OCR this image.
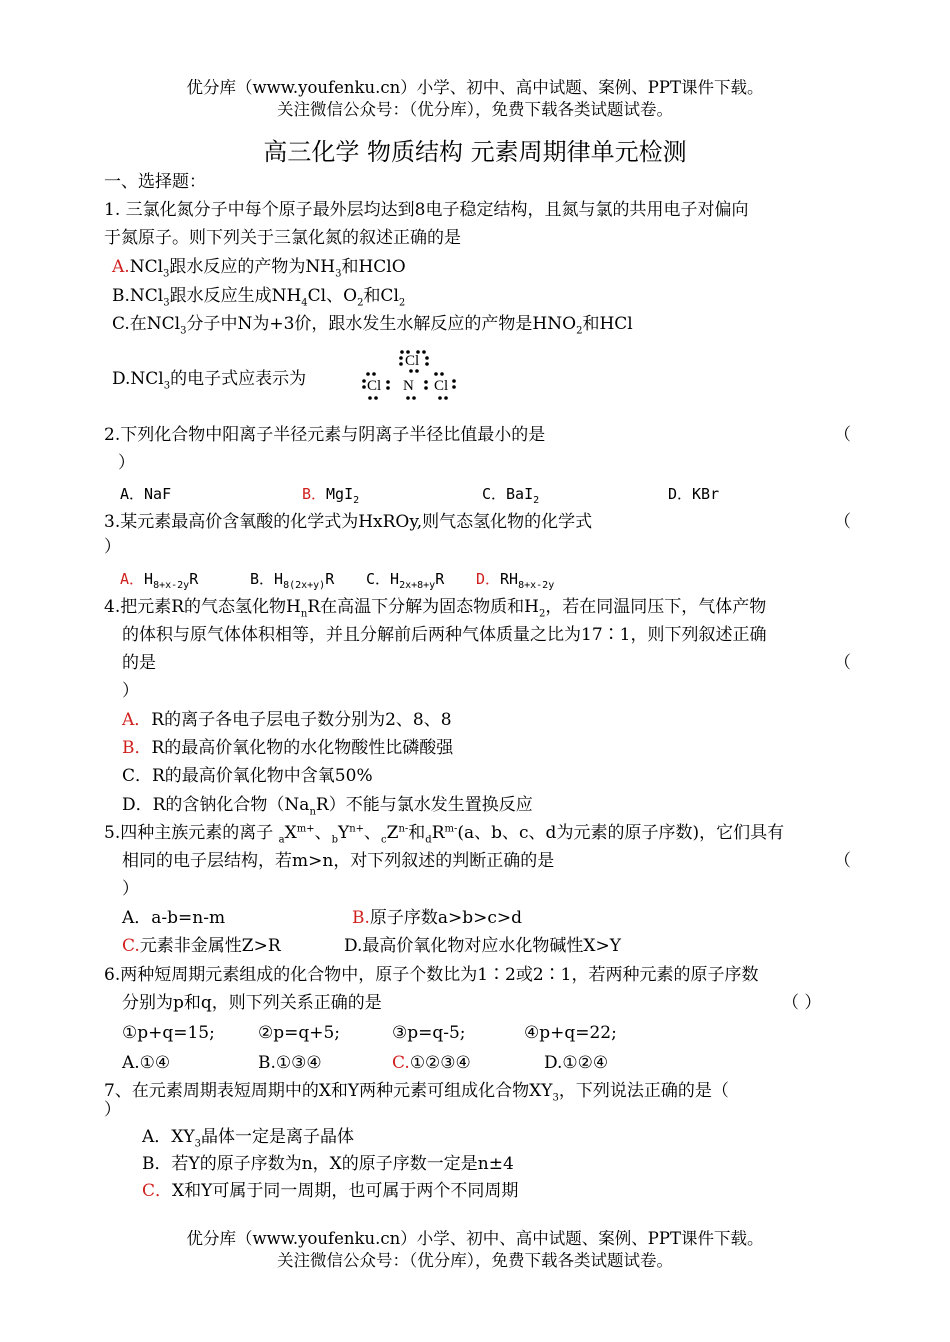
优分库（www.youfenku.cn）小学、初中、高中试题、案例、PPT课件下载。
关注微信公众号：（优分库），免费下载各类试题试卷。
高三化学 物质结构 元素周期律单元检测
一、选择题：
1. 三氯化氮分子中每个原子最外层均达到8电子稳定结构，且氮与氯的共用电子对偏向
于氮原子。则下列关于三氯化氮的叙述正确的是
A.NCl$_3$跟水反应的产物为$NH_3$和HClO
B.NCl$_3$跟水反应生成$NH_4Cl$、$O_2$和$Cl_2$
C.在NCl$_3$分子中N为+3价，跟水发生水解反应的产物是$HNO_2$和HCl
D.NCl$_3$的电子式应表示为
Cl
Cl N Cl
2.下列化合物中阳离子半径元素与阴离子半径比值最小的是	（
）
A．NaF	B．MgI$_2$	C．BaI$_2$	D．KBr
3.某元素最高价含氧酸的化学式为HxROy,则气态氢化物的化学式	（
）
A．$H_{8+x-2y}R$	B．$H_{8(2x+y)}R$ C．$H_{2x+8+y}R$ D．$RH_{8+x-2y}$
4.把元素R的气态氢化物$H_nR$在高温下分解为固态物质和$H_2$，若在同温同压下，气体产物
的体积与原气体体积相等，并且分解前后两种气体质量之比为17∶1，则下列叙述正确
的是	（
）
A．R的离子各电子层电子数分别为2、8、8
B．R的最高价氧化物的水化物酸性比磷酸强
C．R的最高价氧化物中含氧50%
D．R的含钠化合物$(Na_nR)$不能与氯水发生置换反应
5.四种主族元素的离子 $_aX^{m+}$、$_bY^{n+}$、$_cZ^{n-}$和$_dR^{m-}(a$、b、c、d为元素的原子序数)，它们具有
相同的电子层结构，若m>n，对下列叙述的判断正确的是	（
）
A．a-b=n-m	B.原子序数a>b>c>d
C.元素非金属性Z>R	D.最高价氧化物对应水化物碱性X>Y
6.两种短周期元素组成的化合物中，原子个数比为1∶2或2∶1，若两种元素的原子序数
分别为p和q，则下列关系正确的是	（ ）
①p+q=15;	②p=q+5;	③p=q-5;	④p+q=22;
A.①④	B.①③④	C.①②③④	D.①②④
7、在元素周期表短周期中的X和Y两种元素可组成化合物$XY_3$，下列说法正确的是（
）
A．$XY_3$晶体一定是离子晶体
B．若Y的原子序数为n，X的原子序数一定是n±4
C．X和Y可属于同一周期，也可属于两个不同周期
优分库（www.youfenku.cn）小学、初中、高中试题、案例、PPT课件下载。
关注微信公众号：（优分库），免费下载各类试题试卷。
